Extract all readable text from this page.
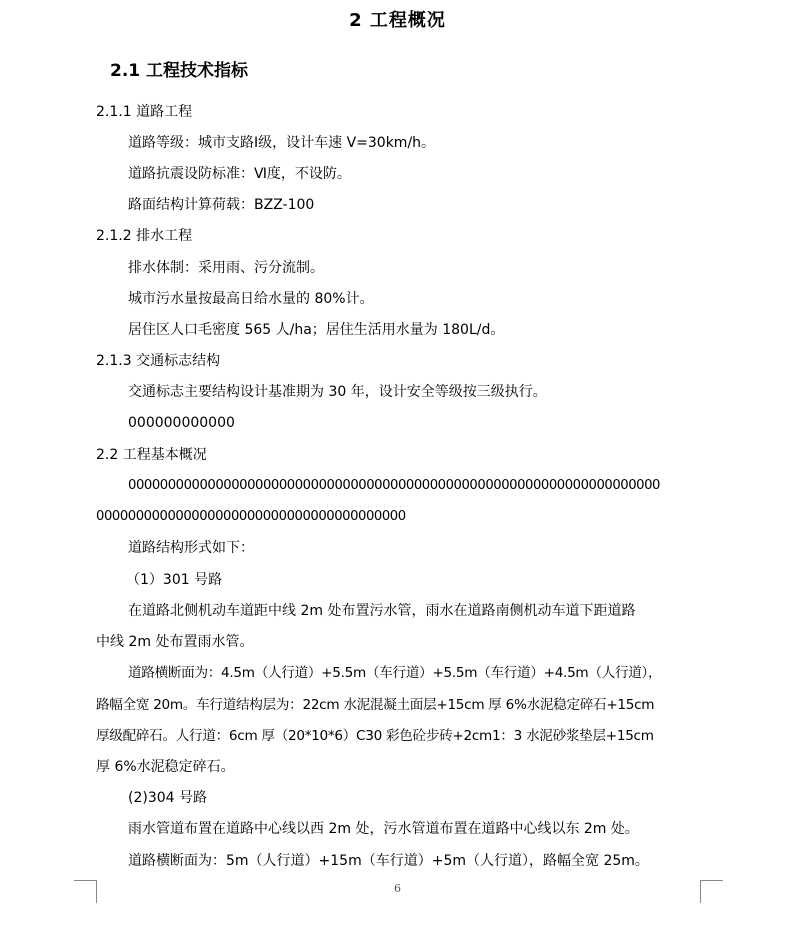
2 工程概况
2.1 工程技术指标
2.1.1 道路工程
道路等级：城市支路Ⅰ级，设计车速 V=30km/h。
道路抗震设防标准：Ⅵ度，不设防。
路面结构计算荷载：BZZ-100
2.1.2 排水工程
排水体制：采用雨、污分流制。
城市污水量按最高日给水量的 80%计。
居住区人口毛密度 565 人/ha；居住生活用水量为 180L/d。
2.1.3 交通标志结构
交通标志主要结构设计基准期为 30 年，设计安全等级按三级执行。
000000000000
2.2 工程基本概况
0000000000000000000000000000000000000000000000000000000000000000000
000000000000000000000000000000000000000
道路结构形式如下：
（1）301 号路
在道路北侧机动车道距中线 2m 处布置污水管，雨水在道路南侧机动车道下距道路
中线 2m 处布置雨水管。
道路横断面为：4.5m（人行道）+5.5m（车行道）+5.5m（车行道）+4.5m（人行道），
路幅全宽 20m。车行道结构层为：22cm 水泥混凝土面层+15cm 厚 6%水泥稳定碎石+15cm
厚级配碎石。人行道：6cm 厚（20*10*6）C30 彩色砼步砖+2cm1：3 水泥砂浆垫层+15cm
厚 6%水泥稳定碎石。
(2)304 号路
雨水管道布置在道路中心线以西 2m 处，污水管道布置在道路中心线以东 2m 处。
道路横断面为：5m（人行道）+15m（车行道）+5m（人行道），路幅全宽 25m。
6
